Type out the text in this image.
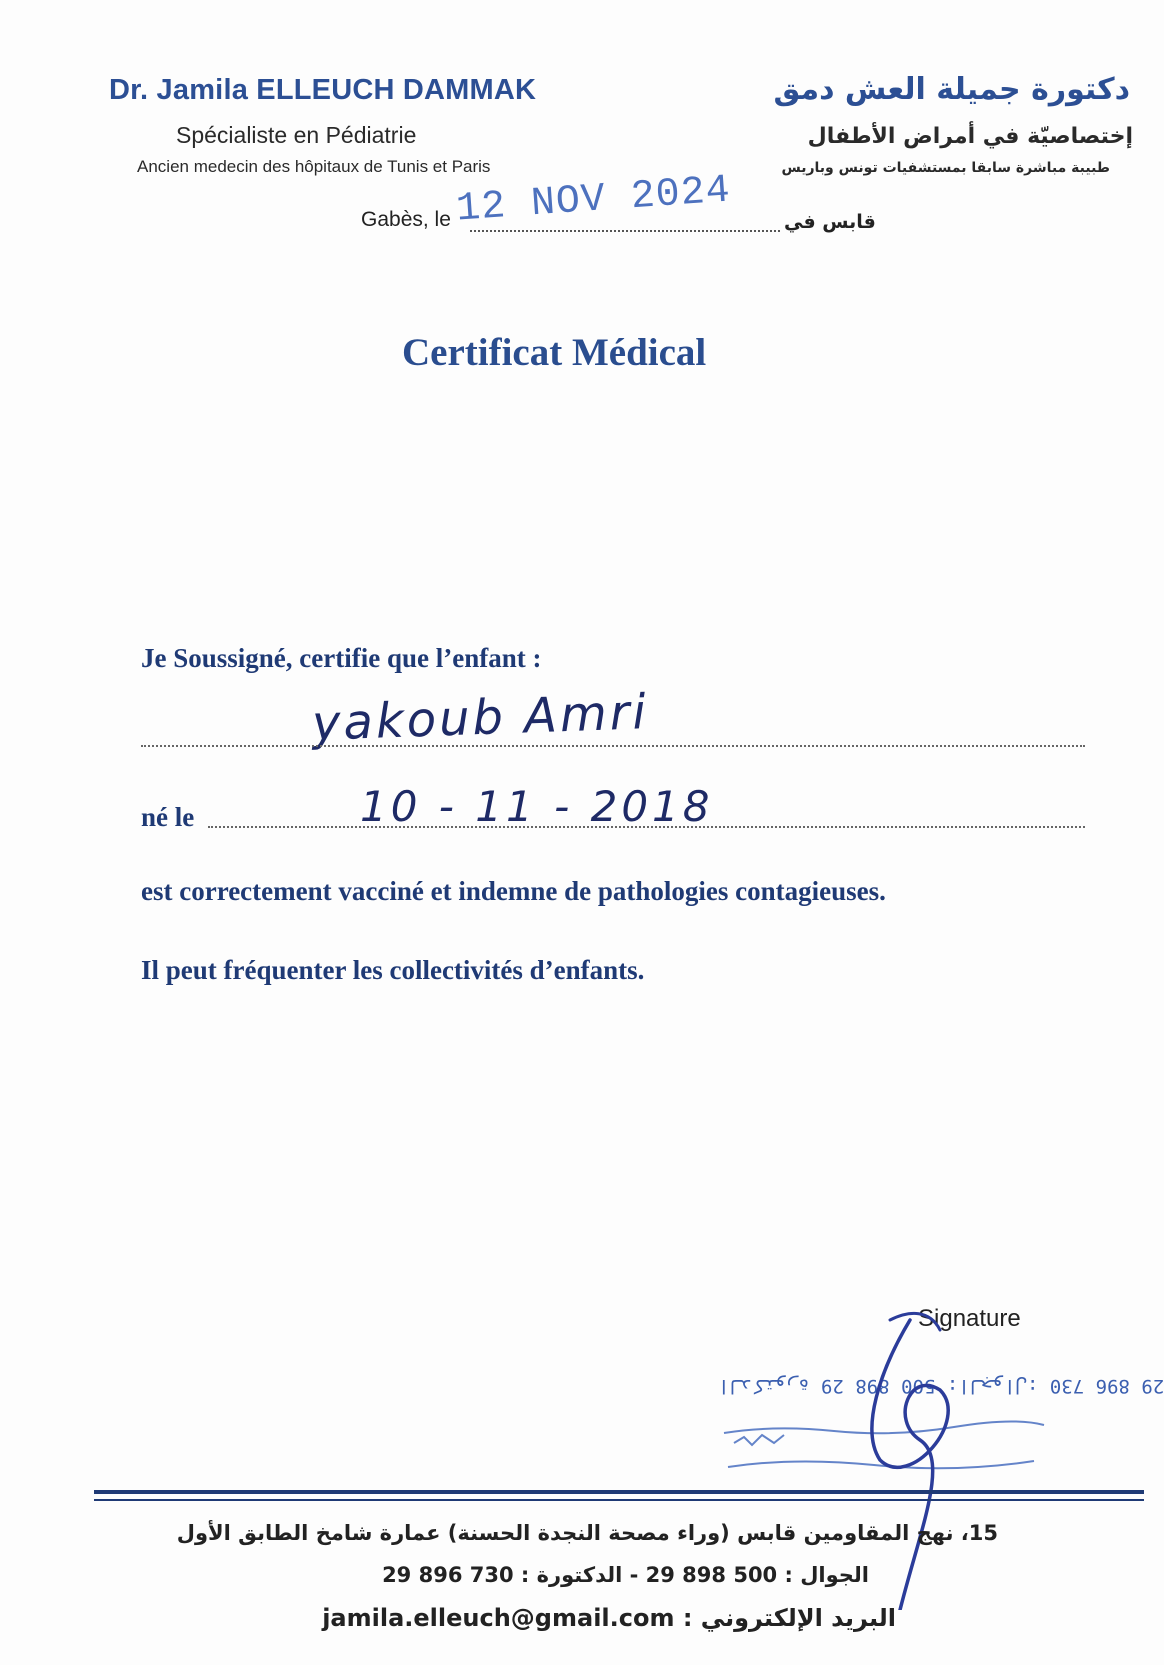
Dr. Jamila ELLEUCH DAMMAK
Spécialiste en Pédiatrie
Ancien medecin des hôpitaux de Tunis et Paris
دكتورة جميلة العش دمق
إختصاصيّة في أمراض الأطفال
طبيبة مباشرة سابقا بمستشفيات تونس وباريس
Gabès, le 12 NOV 2024	قابس في
Certificat Médical
Je Soussigné, certifie que l’enfant :
yakoub Amri
né le	10 - 11 - 2018
est correctement vacciné et indemne de pathologies contagieuses.
Il peut fréquenter les collectivités d’enfants.
Signature
29 896 730 :الدكتورة 29 898 500 :الجوال
15، نهج المقاومين قابس (وراء مصحة النجدة الحسنة) عمارة شامخ الطابق الأول
الجوال : 500 898 29 - الدكتورة : 730 896 29
البريد الإلكتروني : jamila.elleuch@gmail.com
